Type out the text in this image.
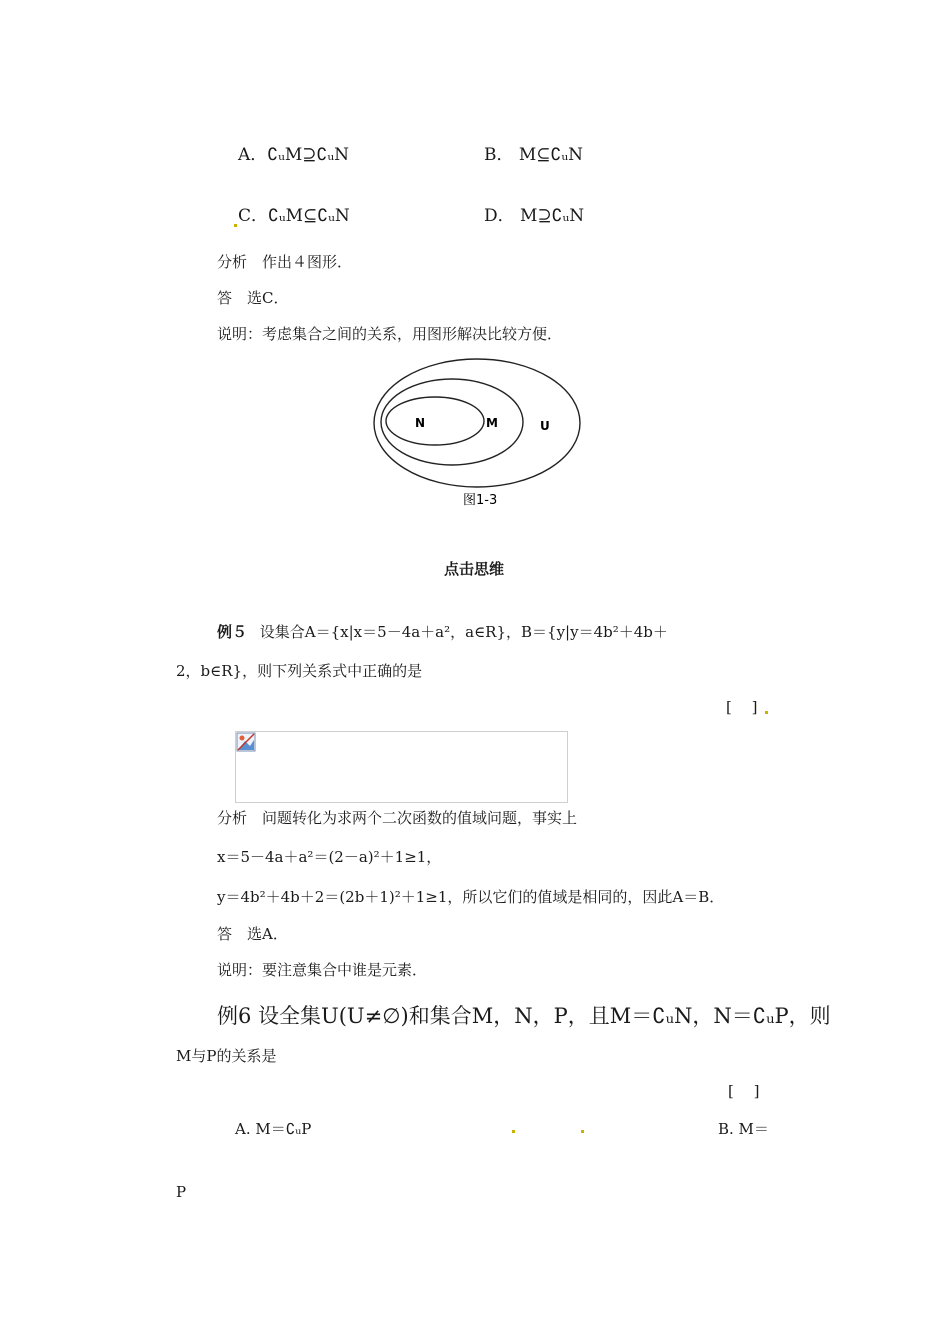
A．∁ᵤM⊇∁ᵤN	B． M⊆∁ᵤN
C．∁ᵤM⊆∁ᵤN	D． M⊇∁ᵤN
分析　作出４图形．
答　选C．
说明：考虑集合之间的关系，用图形解决比较方便．
N	M	U
图1-3
点击思维
例５ 设集合A＝{x|x＝5－4a＋a²，a∈R}，B＝{y|y＝4b²＋4b＋
2，b∈R}，则下列关系式中正确的是
[　 ]
分析　问题转化为求两个二次函数的值域问题，事实上
x＝5－4a＋a²＝(2－a)²＋1≥1，
y＝4b²＋4b＋2＝(2b＋1)²＋1≥1，所以它们的值域是相同的，因此A＝B．
答　选A．
说明：要注意集合中谁是元素．
例6 设全集U(U≠∅)和集合M，N，P，且M＝∁ᵤN，N＝∁ᵤP，则
M与P的关系是
[　 ]
A. M＝∁ᵤP	B. M＝
P
